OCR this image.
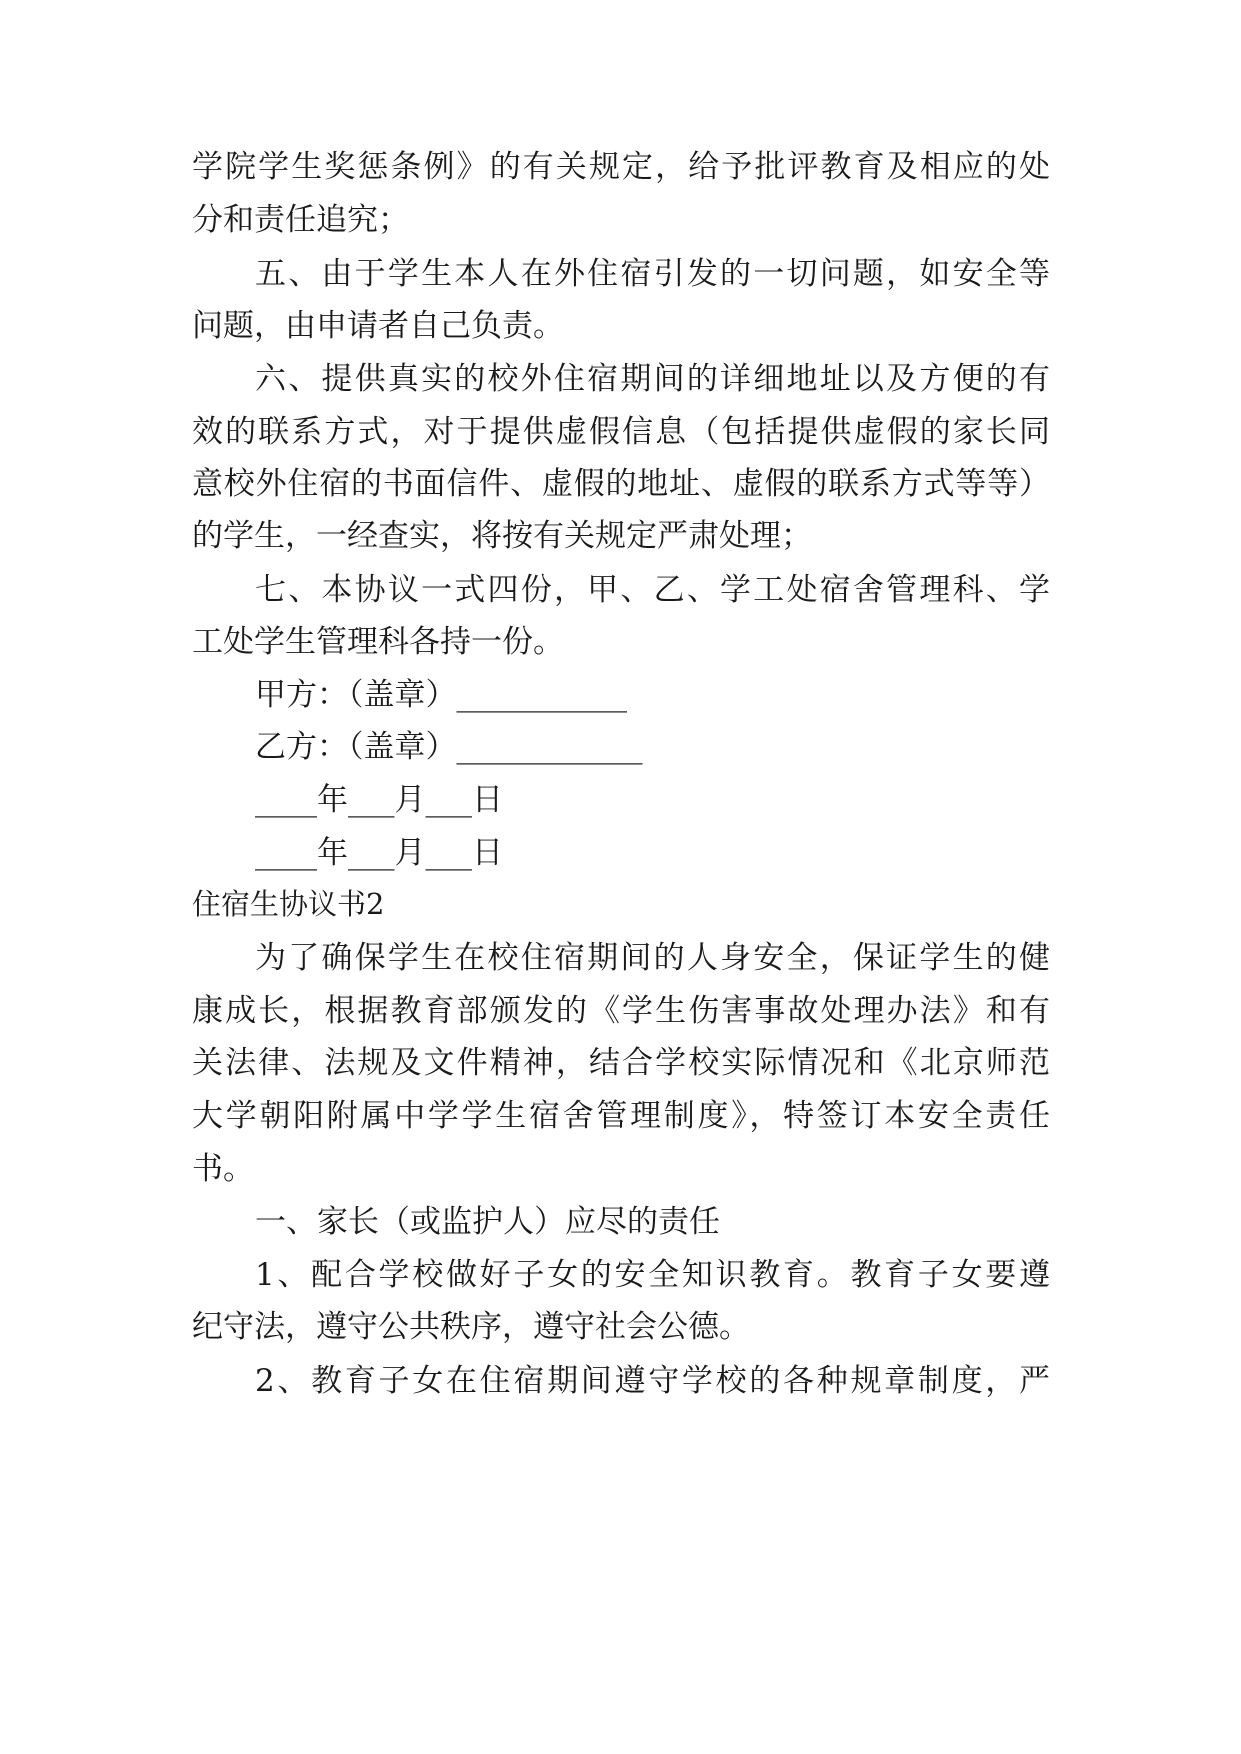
学院学生奖惩条例》的有关规定，给予批评教育及相应的处

分和责任追究；

五、由于学生本人在外住宿引发的一切问题，如安全等

问题，由申请者自己负责。

六、提供真实的校外住宿期间的详细地址以及方便的有

效的联系方式，对于提供虚假信息（包括提供虚假的家长同

意校外住宿的书面信件、虚假的地址、虚假的联系方式等等）

的学生，一经查实，将按有关规定严肃处理；

七、本协议一式四份，甲、乙、学工处宿舍管理科、学

工处学生管理科各持一份。

甲方：（盖章）___________

乙方：（盖章）____________

____年___月___日

____年___月___日

住宿生协议书2

为了确保学生在校住宿期间的人身安全，保证学生的健

康成长，根据教育部颁发的《学生伤害事故处理办法》和有

关法律、法规及文件精神，结合学校实际情况和《北京师范

大学朝阳附属中学学生宿舍管理制度》，特签订本安全责任

书。

一、家长（或监护人）应尽的责任

1、配合学校做好子女的安全知识教育。教育子女要遵

纪守法，遵守公共秩序，遵守社会公德。

2、教育子女在住宿期间遵守学校的各种规章制度，严
